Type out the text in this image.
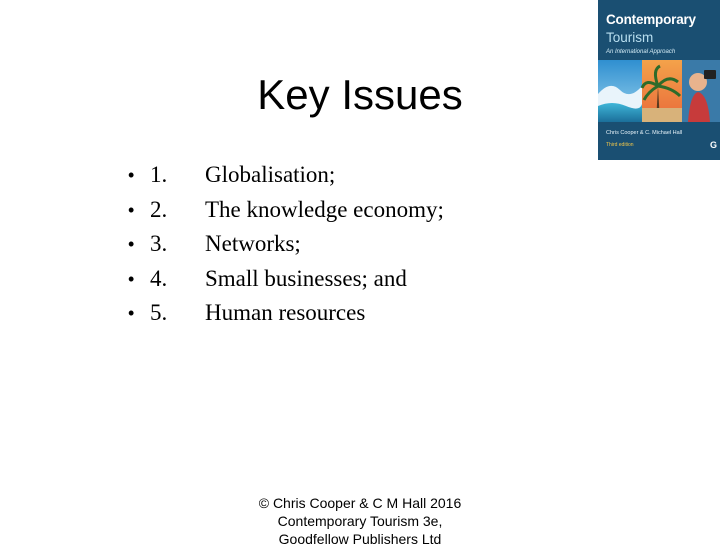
Key Issues
• 1. Globalisation;
• 2. The knowledge economy;
• 3. Networks;
• 4. Small businesses; and
• 5. Human resources
© Chris Cooper & C M Hall 2016
Contemporary Tourism 3e,
Goodfellow Publishers Ltd
Contemporary
Tourism
An International Approach
Chris Cooper & C. Michael Hall
Third edition	G
